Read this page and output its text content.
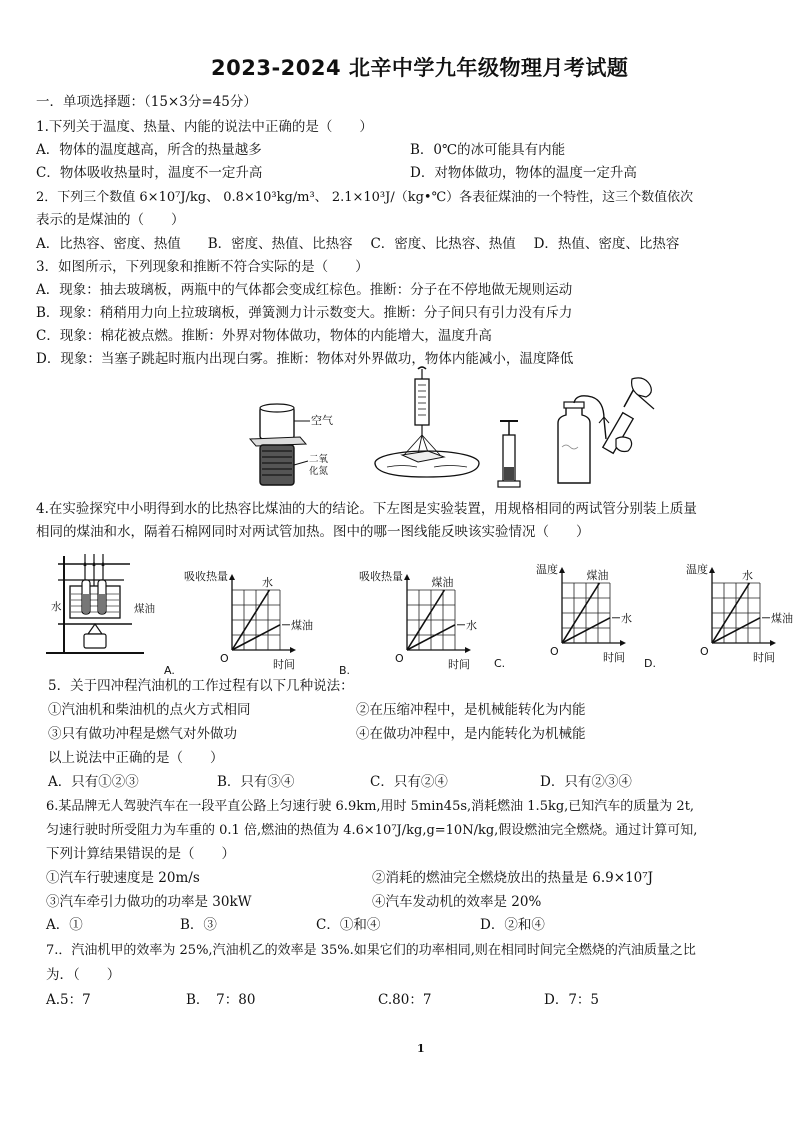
2023-2024 北辛中学九年级物理月考试题
一．单项选择题：（15×3分=45分）
1.下列关于温度、热量、内能的说法中正确的是（　　）
A．物体的温度越高，所含的热量越多	B．0℃的冰可能具有内能
C．物体吸收热量时，温度不一定升高	D．对物体做功，物体的温度一定升高
2．下列三个数值 6×10⁷J/kg、 0.8×10³kg/m³、 2.1×10³J/（kg•℃）各表征煤油的一个特性，这三个数值依次
表示的是煤油的（　　）
A．比热容、密度、热值　　B．密度、热值、比热容　 C．密度、比热容、热值　 D．热值、密度、比热容
3．如图所示，下列现象和推断不符合实际的是（　　）
A．现象：抽去玻璃板，两瓶中的气体都会变成红棕色。推断：分子在不停地做无规则运动
B．现象：稍稍用力向上拉玻璃板，弹簧测力计示数变大。推断：分子间只有引力没有斥力
C．现象：棉花被点燃。推断：外界对物体做功，物体的内能增大，温度升高
D．现象：当塞子跳起时瓶内出现白雾。推断：物体对外界做功，物体内能减小，温度降低
空气
二氧
化氮
4.在实验探究中小明得到水的比热容比煤油的大的结论。下左图是实验装置，用规格相同的两试管分别装上质量
相同的煤油和水，隔着石棉网同时对两试管加热。图中的哪一图线能反映该实验情况（　　）
水	煤油
A.
吸收热量
时间
O
水
煤油
B.
吸收热量
时间
O
煤油
水
C.
温度
时间
O
煤油
水
D.
温度
时间
O
水
煤油
5．关于四冲程汽油机的工作过程有以下几种说法：
①汽油机和柴油机的点火方式相同	②在压缩冲程中，是机械能转化为内能
③只有做功冲程是燃气对外做功	④在做功冲程中，是内能转化为机械能
以上说法中正确的是（　　）
A．只有①②③	B．只有③④	C．只有②④	D．只有②③④
6.某品牌无人驾驶汽车在一段平直公路上匀速行驶 6.9km,用时 5min45s,消耗燃油 1.5kg,已知汽车的质量为 2t,
匀速行驶时所受阻力为车重的 0.1 倍,燃油的热值为 4.6×10⁷J/kg,g=10N/kg,假设燃油完全燃烧。通过计算可知,
下列计算结果错误的是（　　）
①汽车行驶速度是 20m/s	②消耗的燃油完全燃烧放出的热量是 6.9×10⁷J
③汽车牵引力做功的功率是 30kW	④汽车发动机的效率是 20%
A．①	B．③	C．①和④	D．②和④
7.．汽油机甲的效率为 25%,汽油机乙的效率是 35%.如果它们的功率相同,则在相同时间完全燃烧的汽油质量之比
为．（　　）
A.5：7	B．　7：80	C.80：7	D．7：5
1
